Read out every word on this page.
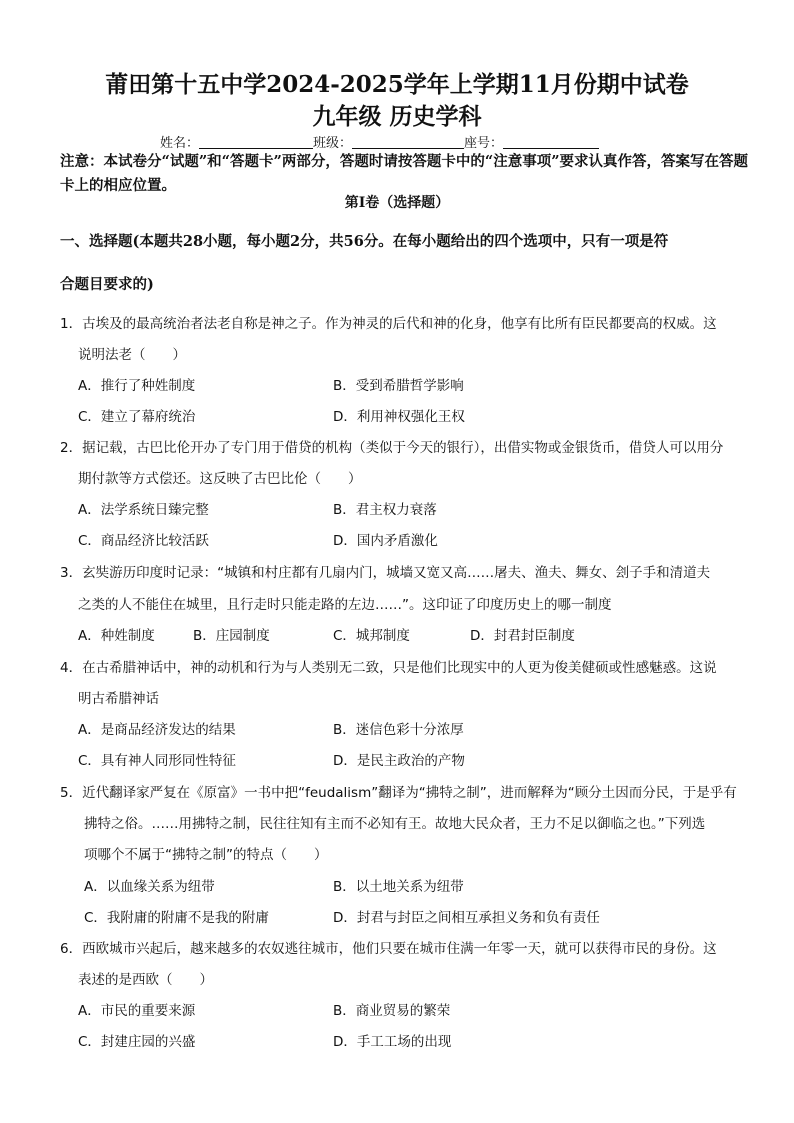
莆田第十五中学2024-2025学年上学期11月份期中试卷
九年级 历史学科
姓名：	班级：	座号：
注意：本试卷分“试题”和“答题卡”两部分，答题时请按答题卡中的“注意事项”要求认真作答，答案写在答题卡上的相应位置。
第Ⅰ卷（选择题）
一、选择题(本题共28小题，每小题2分，共56分。在每小题给出的四个选项中，只有一项是符
合题目要求的)
1．古埃及的最高统治者法老自称是神之子。作为神灵的后代和神的化身，他享有比所有臣民都要高的权威。这
说明法老（　　）
A．推行了种姓制度	B．受到希腊哲学影响
C．建立了幕府统治	D．利用神权强化王权
2．据记载，古巴比伦开办了专门用于借贷的机构（类似于今天的银行），出借实物或金银货币，借贷人可以用分
期付款等方式偿还。这反映了古巴比伦（　　）
A．法学系统日臻完整	B．君主权力衰落
C．商品经济比较活跃	D．国内矛盾激化
3．玄奘游历印度时记录：“城镇和村庄都有几扇内门，城墙又宽又高……屠夫、渔夫、舞女、刽子手和清道夫
之类的人不能住在城里，且行走时只能走路的左边……”。这印证了印度历史上的哪一制度
A．种姓制度	B．庄园制度	C．城邦制度	D．封君封臣制度
4．在古希腊神话中，神的动机和行为与人类别无二致，只是他们比现实中的人更为俊美健硕或性感魅惑。这说
明古希腊神话
A．是商品经济发达的结果	B．迷信色彩十分浓厚
C．具有神人同形同性特征	D．是民主政治的产物
5．近代翻译家严复在《原富》一书中把“feudalism”翻译为“拂特之制”，进而解释为“顾分土因而分民，于是乎有
拂特之俗。……用拂特之制，民往往知有主而不必知有王。故地大民众者，王力不足以御临之也。”下列选
项哪个不属于“拂特之制”的特点（　　）
A．以血缘关系为纽带	B．以土地关系为纽带
C．我附庸的附庸不是我的附庸	D．封君与封臣之间相互承担义务和负有责任
6．西欧城市兴起后，越来越多的农奴逃往城市，他们只要在城市住满一年零一天，就可以获得市民的身份。这
表述的是西欧（　　）
A．市民的重要来源	B．商业贸易的繁荣
C．封建庄园的兴盛	D．手工工场的出现
